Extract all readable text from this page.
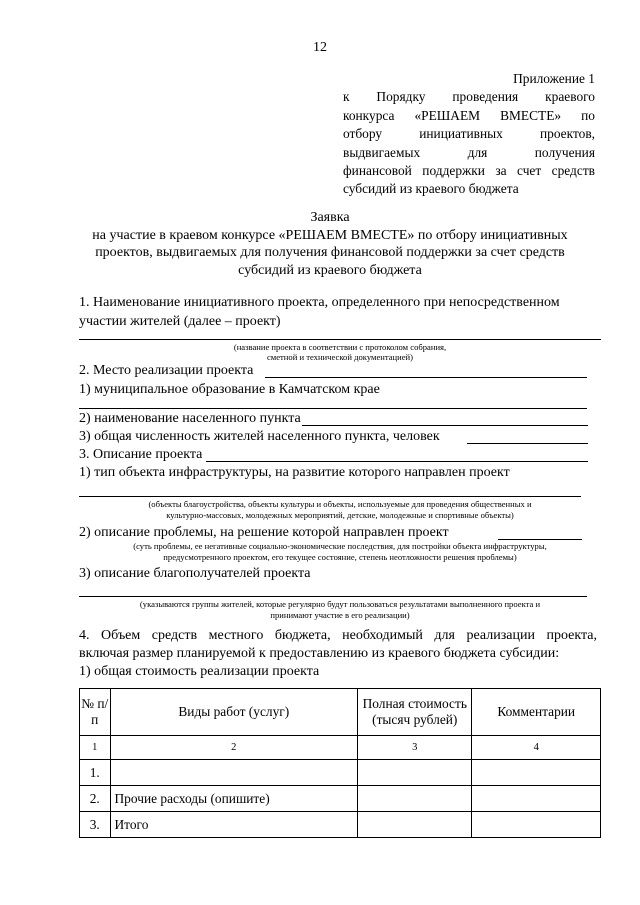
12
Приложение 1
к Порядку проведения краевого
конкурса «РЕШАЕМ ВМЕСТЕ» по
отбору инициативных проектов,
выдвигаемых для получения
финансовой поддержки за счет средств
субсидий из краевого бюджета
Заявка
на участие в краевом конкурсе «РЕШАЕМ ВМЕСТЕ» по отбору инициативных
проектов, выдвигаемых для получения финансовой поддержки за счет средств
субсидий из краевого бюджета
1. Наименование инициативного проекта, определенного при непосредственном
участии жителей (далее – проект)
(название проекта в соответствии с протоколом собрания,
сметной и технической документацией)
2. Место реализации проекта
1) муниципальное образование в Камчатском крае
2) наименование населенного пункта
3) общая численность жителей населенного пункта, человек
3. Описание проекта
1) тип объекта инфраструктуры, на развитие которого направлен проект
(объекты благоустройства, объекты культуры и объекты, используемые для проведения общественных и
культурно-массовых, молодежных мероприятий, детские, молодежные и спортивные объекты)
2) описание проблемы, на решение которой направлен проект
(суть проблемы, ее негативные социально-экономические последствия, для постройки объекта инфраструктуры,
предусмотренного проектом, его текущее состояние, степень неотложности решения проблемы)
3) описание благополучателей проекта
(указываются группы жителей, которые регулярно будут пользоваться результатами выполненного проекта и
принимают участие в его реализации)
4. Объем средств местного бюджета, необходимый для реализации проекта,
включая размер планируемой к предоставлению из краевого бюджета субсидии:
1) общая стоимость реализации проекта
№ п/п	Виды работ (услуг)	Полная стоимость (тысяч рублей)	Комментарии
1	2	3	4
1.			
2.	Прочие расходы (опишите)		
3.	Итого		
